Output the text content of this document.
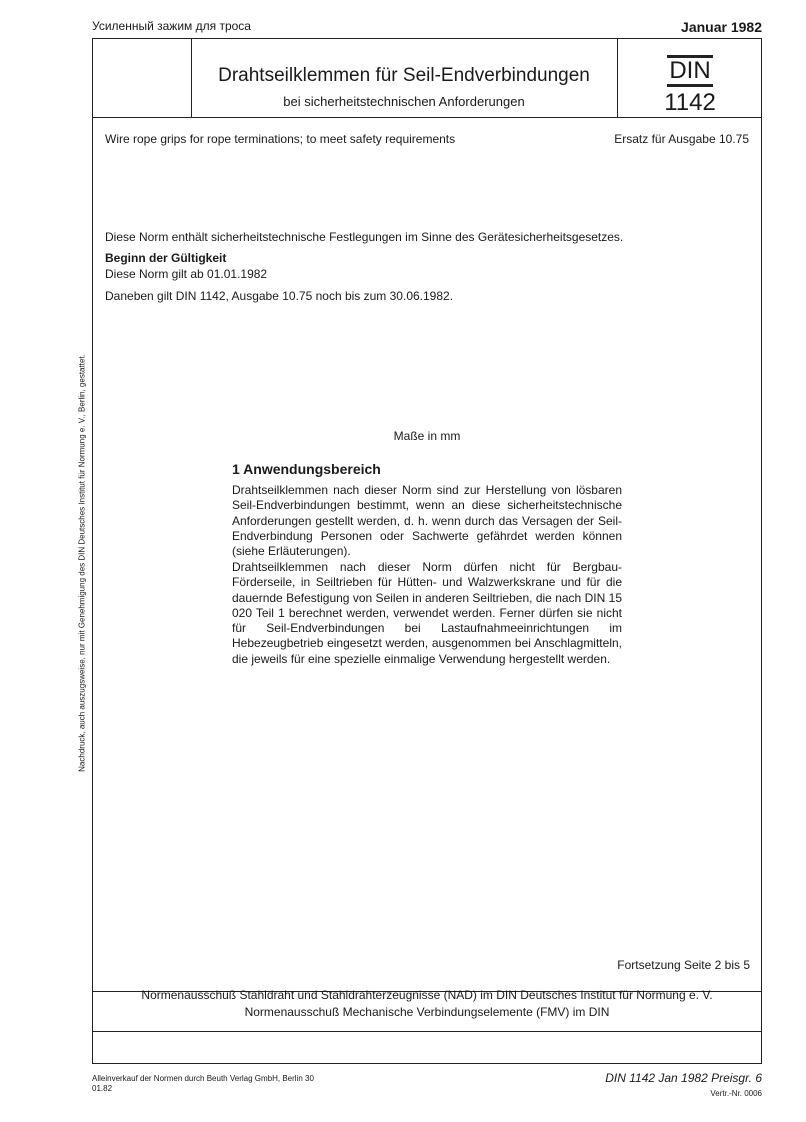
Усиленный зажим для троса	Januar 1982
Drahtseilklemmen für Seil-Endverbindungen
bei sicherheitstechnischen Anforderungen
DIN
1142
Wire rope grips for rope terminations; to meet safety requirements	Ersatz für Ausgabe 10.75
Diese Norm enthält sicherheitstechnische Festlegungen im Sinne des Gerätesicherheitsgesetzes.
Beginn der Gültigkeit
Diese Norm gilt ab 01.01.1982
Daneben gilt DIN 1142, Ausgabe 10.75 noch bis zum 30.06.1982.
Nachdruck, auch auszugsweise, nur mit Genehmigung des DIN Deutsches Institut für Normung e. V., Berlin, gestattet.	Maße in mm
1 Anwendungsbereich
Drahtseilklemmen nach dieser Norm sind zur Herstellung von lösbaren Seil-Endverbindungen bestimmt, wenn an diese sicherheitstechnische Anforderungen gestellt werden, d. h. wenn durch das Versagen der Seil-Endverbindung Personen oder Sachwerte gefährdet werden können (siehe Erläuterungen).
Drahtseilklemmen nach dieser Norm dürfen nicht für Bergbau-Förderseile, in Seiltrieben für Hütten- und Walzwerkskrane und für die dauernde Befestigung von Seilen in anderen Seiltrieben, die nach DIN 15 020 Teil 1 berechnet werden, verwendet werden. Ferner dürfen sie nicht für Seil-Endverbindungen bei Lastaufnahmeeinrichtungen im Hebezeugbetrieb eingesetzt werden, ausgenommen bei Anschlagmitteln, die jeweils für eine spezielle einmalige Verwendung hergestellt werden.
Fortsetzung Seite 2 bis 5
Normenausschuß Stahldraht und Stahldrahterzeugnisse (NAD) im DIN Deutsches Institut für Normung e. V.
Normenausschuß Mechanische Verbindungselemente (FMV) im DIN
Alleinverkauf der Normen durch Beuth Verlag GmbH, Berlin 30
01.82
DIN 1142 Jan 1982 Preisgr. 6
Vertr.-Nr. 0006
